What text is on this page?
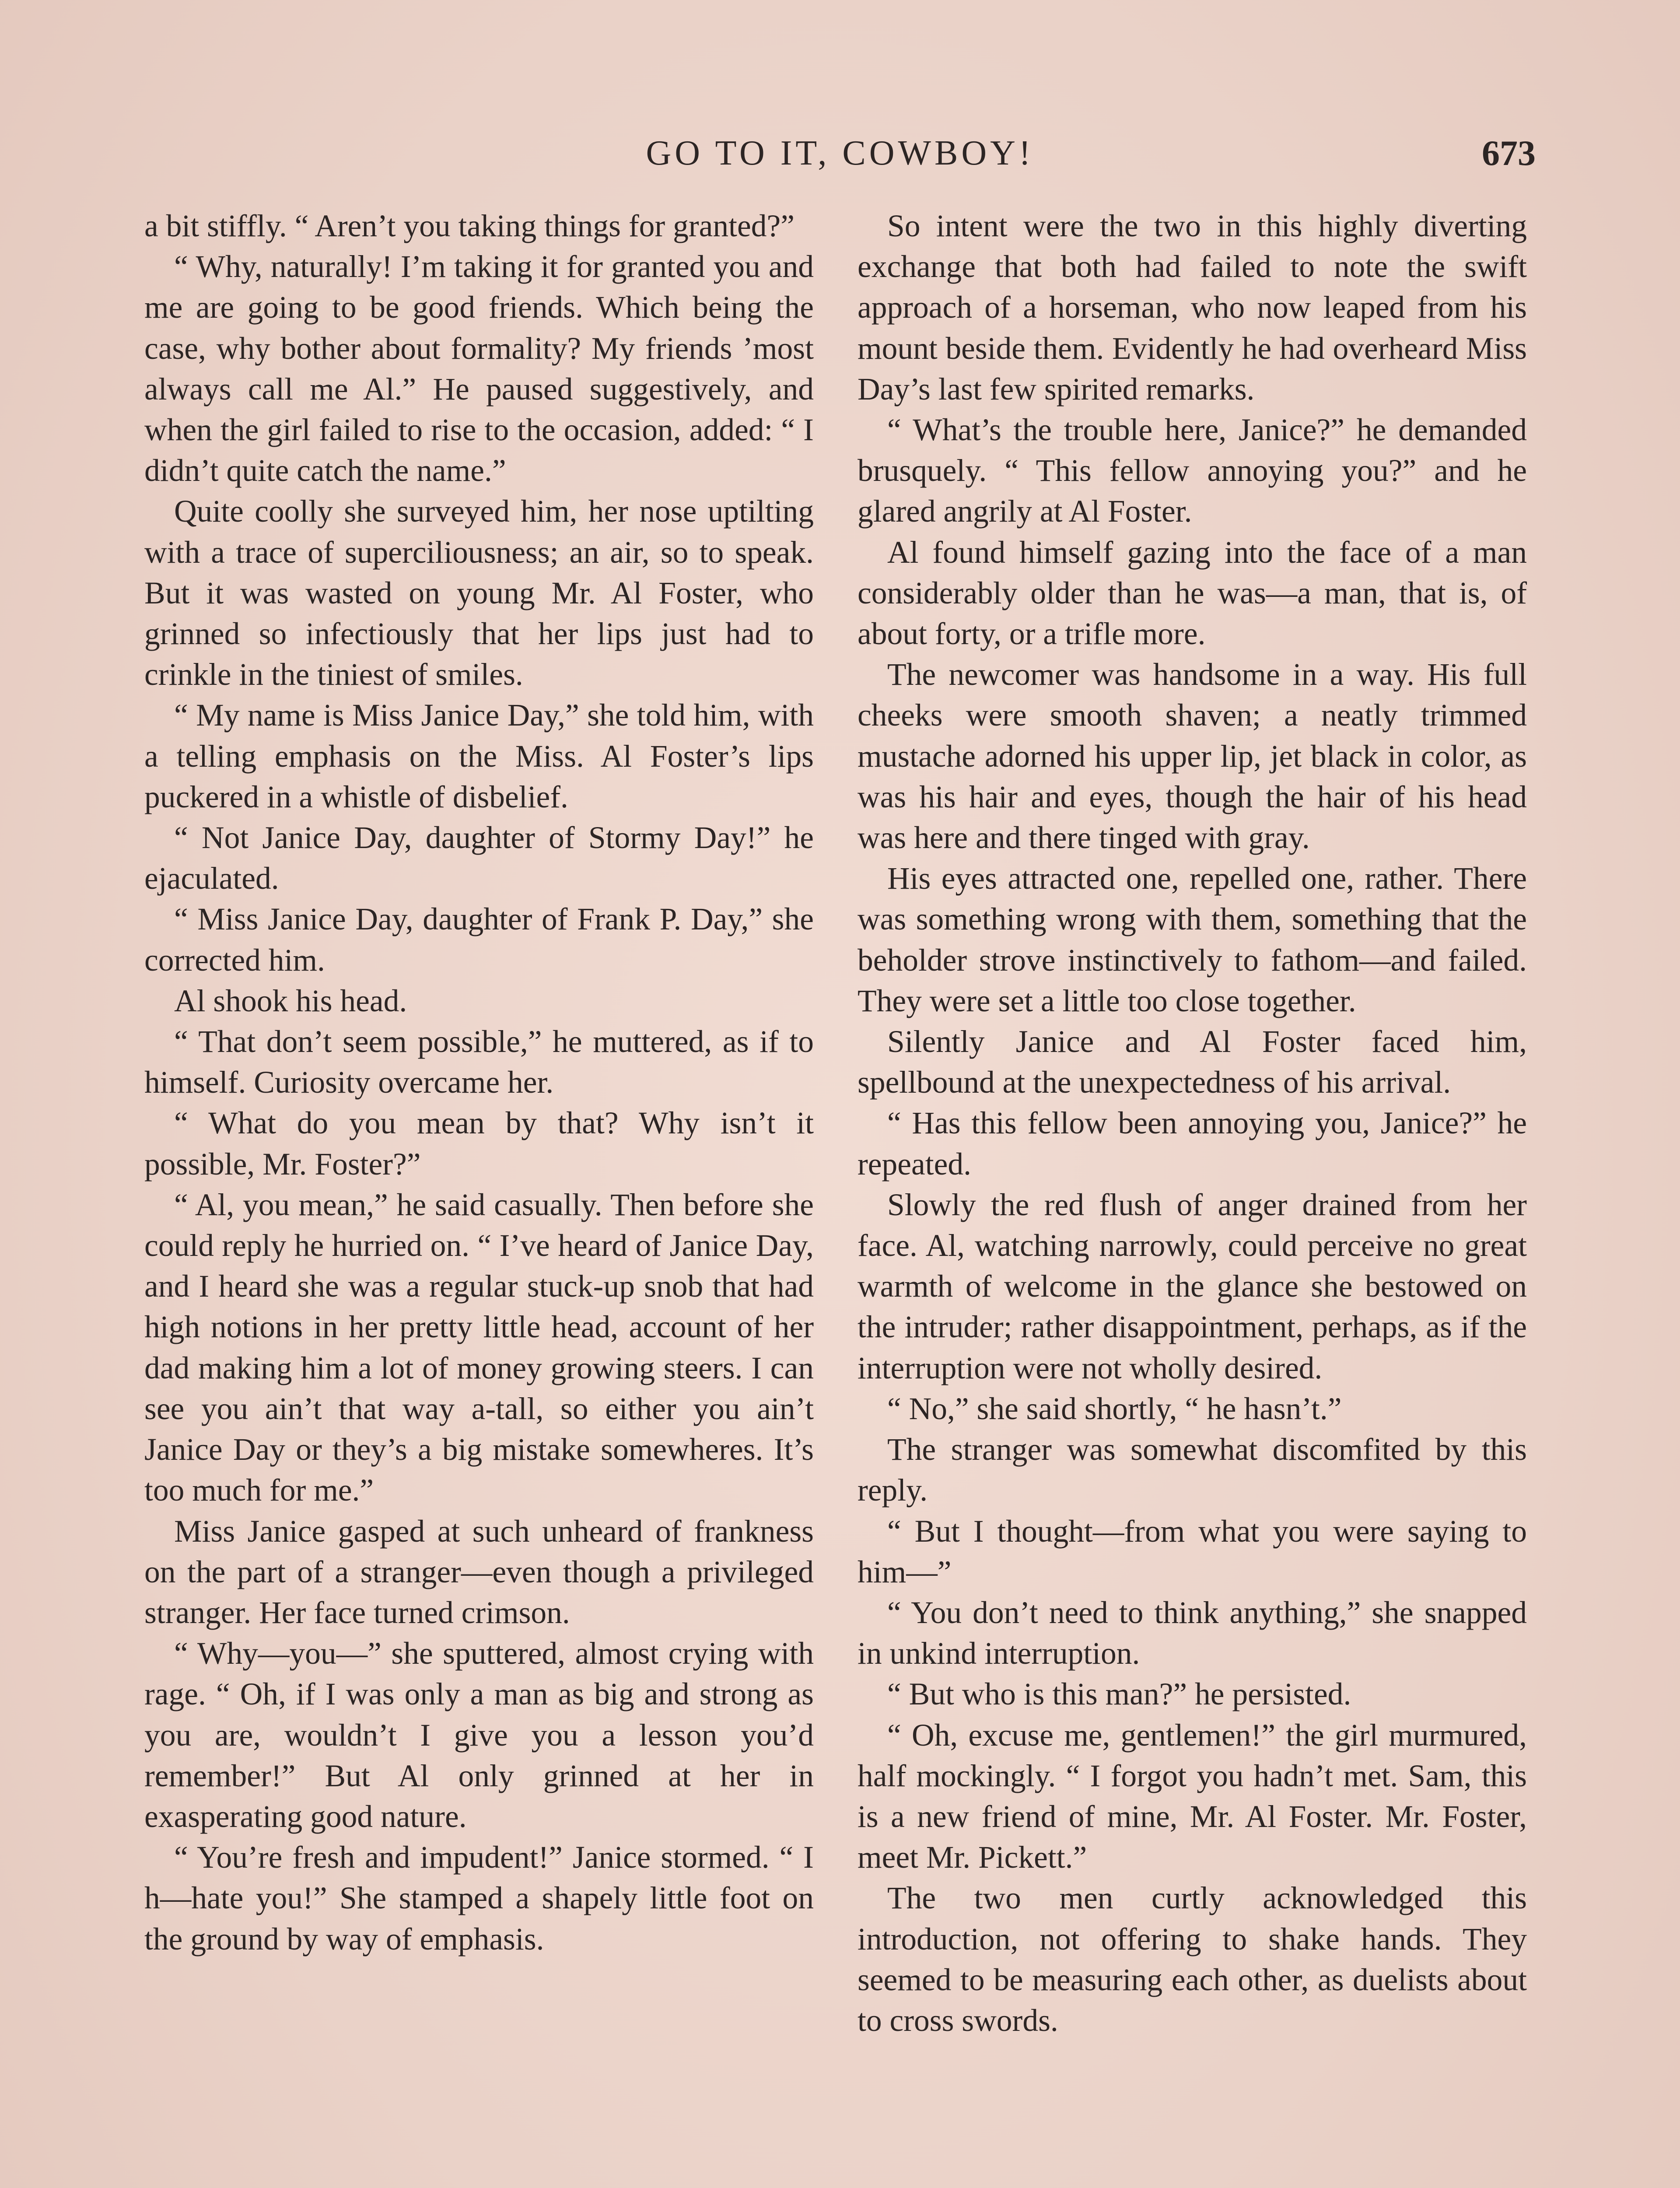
GO TO IT, COWBOY!	673

a bit stiffly. “ Aren’t you taking things for granted?”

“ Why, naturally! I’m taking it for granted you and me are going to be good friends. Which being the case, why bother about formality? My friends ’most always call me Al.” He paused suggestively, and when the girl failed to rise to the occasion, added: “ I didn’t quite catch the name.”

Quite coolly she surveyed him, her nose uptilting with a trace of superciliousness; an air, so to speak. But it was wasted on young Mr. Al Foster, who grinned so infectiously that her lips just had to crinkle in the tiniest of smiles.

“ My name is Miss Janice Day,” she told him, with a telling emphasis on the Miss. Al Foster’s lips puckered in a whistle of disbelief.

“ Not Janice Day, daughter of Stormy Day!” he ejaculated.

“ Miss Janice Day, daughter of Frank P. Day,” she corrected him.

Al shook his head.

“ That don’t seem possible,” he muttered, as if to himself. Curiosity overcame her.

“ What do you mean by that? Why isn’t it possible, Mr. Foster?”

“ Al, you mean,” he said casually. Then before she could reply he hurried on. “ I’ve heard of Janice Day, and I heard she was a regular stuck-up snob that had high notions in her pretty little head, account of her dad making him a lot of money growing steers. I can see you ain’t that way a-tall, so either you ain’t Janice Day or they’s a big mistake somewheres. It’s too much for me.”

Miss Janice gasped at such unheard of frankness on the part of a stranger—even though a privileged stranger. Her face turned crimson.

“ Why—you—” she sputtered, almost crying with rage. “ Oh, if I was only a man as big and strong as you are, wouldn’t I give you a lesson you’d remember!” But Al only grinned at her in exasperating good nature.

“ You’re fresh and impudent!” Janice stormed. “ I h—hate you!” She stamped a shapely little foot on the ground by way of emphasis.

So intent were the two in this highly diverting exchange that both had failed to note the swift approach of a horseman, who now leaped from his mount beside them. Evidently he had overheard Miss Day’s last few spirited remarks.

“ What’s the trouble here, Janice?” he demanded brusquely. “ This fellow annoying you?” and he glared angrily at Al Foster.

Al found himself gazing into the face of a man considerably older than he was—a man, that is, of about forty, or a trifle more.

The newcomer was handsome in a way. His full cheeks were smooth shaven; a neatly trimmed mustache adorned his upper lip, jet black in color, as was his hair and eyes, though the hair of his head was here and there tinged with gray.

His eyes attracted one, repelled one, rather. There was something wrong with them, something that the beholder strove instinctively to fathom—and failed. They were set a little too close together.

Silently Janice and Al Foster faced him, spellbound at the unexpectedness of his arrival.

“ Has this fellow been annoying you, Janice?” he repeated.

Slowly the red flush of anger drained from her face. Al, watching narrowly, could perceive no great warmth of welcome in the glance she bestowed on the intruder; rather disappointment, perhaps, as if the interruption were not wholly desired.

“ No,” she said shortly, “ he hasn’t.”

The stranger was somewhat discomfited by this reply.

“ But I thought—from what you were saying to him—”

“ You don’t need to think anything,” she snapped in unkind interruption.

“ But who is this man?” he persisted.

“ Oh, excuse me, gentlemen!” the girl murmured, half mockingly. “ I forgot you hadn’t met. Sam, this is a new friend of mine, Mr. Al Foster. Mr. Foster, meet Mr. Pickett.”

The two men curtly acknowledged this introduction, not offering to shake hands. They seemed to be measuring each other, as duelists about to cross swords.
